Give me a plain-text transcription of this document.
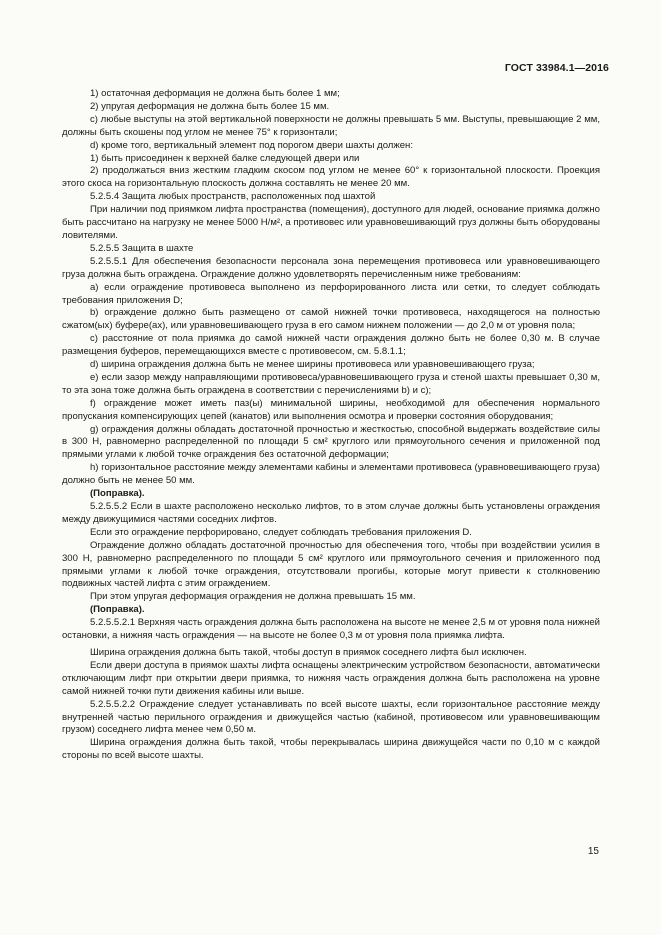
ГОСТ 33984.1—2016

1) остаточная деформация не должна быть более 1 мм;

2) упругая деформация не должна быть более 15 мм.

c) любые выступы на этой вертикальной поверхности не должны превышать 5 мм. Выступы, превышающие 2 мм, должны быть скошены под углом не менее 75° к горизонтали;

d) кроме того, вертикальный элемент под порогом двери шахты должен:

1) быть присоединен к верхней балке следующей двери или

2) продолжаться вниз жестким гладким скосом под углом не менее 60° к горизонтальной плоскости. Проекция этого скоса на горизонтальную плоскость должна составлять не менее 20 мм.

5.2.5.4 Защита любых пространств, расположенных под шахтой

При наличии под приямком лифта пространства (помещения), доступного для людей, основание приямка должно быть рассчитано на нагрузку не менее 5000 Н/м², а противовес или уравновешивающий груз должны быть оборудованы ловителями.

5.2.5.5 Защита в шахте

5.2.5.5.1 Для обеспечения безопасности персонала зона перемещения противовеса или уравновешивающего груза должна быть ограждена. Ограждение должно удовлетворять перечисленным ниже требованиям:

a) если ограждение противовеса выполнено из перфорированного листа или сетки, то следует соблюдать требования приложения D;

b) ограждение должно быть размещено от самой нижней точки противовеса, находящегося на полностью сжатом(ых) буфере(ах), или уравновешивающего груза в его самом нижнем положении — до 2,0 м от уровня пола;

c) расстояние от пола приямка до самой нижней части ограждения должно быть не более 0,30 м. В случае размещения буферов, перемещающихся вместе с противовесом, см. 5.8.1.1;

d) ширина ограждения должна быть не менее ширины противовеса или уравновешивающего груза;

e) если зазор между направляющими противовеса/уравновешивающего груза и стеной шахты превышает 0,30 м, то эта зона тоже должна быть ограждена в соответствии с перечислениями b) и c);

f) ограждение может иметь паз(ы) минимальной ширины, необходимой для обеспечения нормального пропускания компенсирующих цепей (канатов) или выполнения осмотра и проверки состояния оборудования;

g) ограждения должны обладать достаточной прочностью и жесткостью, способной выдержать воздействие силы в 300 Н, равномерно распределенной по площади 5 см² круглого или прямоугольного сечения и приложенной под прямыми углами к любой точке ограждения без остаточной деформации;

h) горизонтальное расстояние между элементами кабины и элементами противовеса (уравновешивающего груза) должно быть не менее 50 мм.

(Поправка).

5.2.5.5.2 Если в шахте расположено несколько лифтов, то в этом случае должны быть установлены ограждения между движущимися частями соседних лифтов.

Если это ограждение перфорировано, следует соблюдать требования приложения D.

Ограждение должно обладать достаточной прочностью для обеспечения того, чтобы при воздействии усилия в 300 Н, равномерно распределенного по площади 5 см² круглого или прямоугольного сечения и приложенного под прямыми углами к любой точке ограждения, отсутствовали прогибы, которые могут привести к столкновению подвижных частей лифта с этим ограждением.

При этом упругая деформация ограждения не должна превышать 15 мм.

(Поправка).

5.2.5.5.2.1 Верхняя часть ограждения должна быть расположена на высоте не менее 2,5 м от уровня пола нижней остановки, а нижняя часть ограждения — на высоте не более 0,3 м от уровня пола приямка лифта.

Ширина ограждения должна быть такой, чтобы доступ в приямок соседнего лифта был исключен.

Если двери доступа в приямок шахты лифта оснащены электрическим устройством безопасности, автоматически отключающим лифт при открытии двери приямка, то нижняя часть ограждения должна быть расположена на уровне самой нижней точки пути движения кабины или выше.

5.2.5.5.2.2 Ограждение следует устанавливать по всей высоте шахты, если горизонтальное расстояние между внутренней частью перильного ограждения и движущейся частью (кабиной, противовесом или уравновешивающим грузом) соседнего лифта менее чем 0,50 м.

Ширина ограждения должна быть такой, чтобы перекрывалась ширина движущейся части по 0,10 м с каждой стороны по всей высоте шахты.

15
